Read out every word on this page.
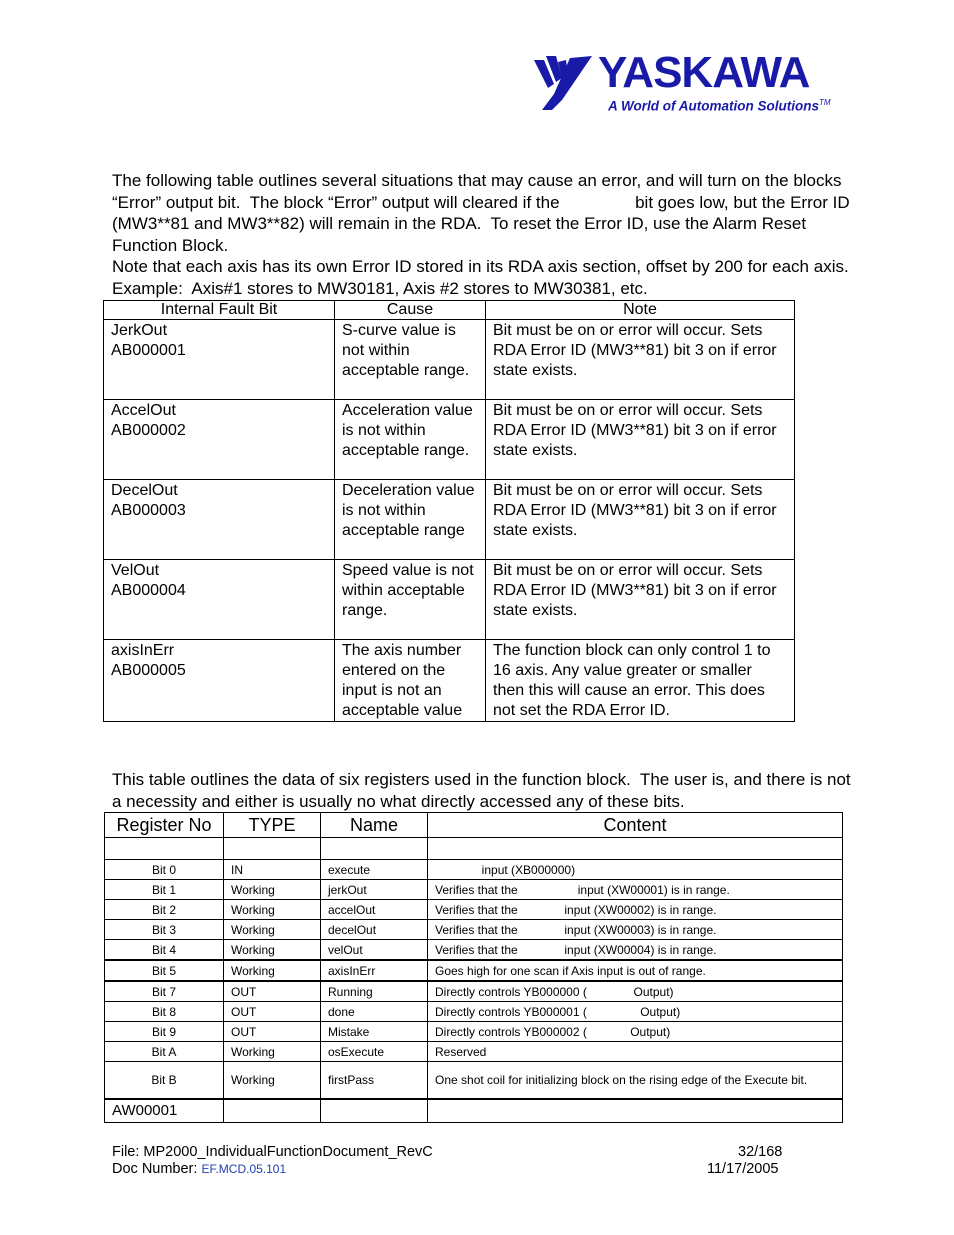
YASKAWA
A World of Automation Solutions™

The following table outlines several situations that may cause an error, and will turn on the blocks “Error” output bit.  The block “Error” output will cleared if the                bit goes low, but the Error ID (MW3**81 and MW3**82) will remain in the RDA.  To reset the Error ID, use the Alarm Reset Function Block.

Note that each axis has its own Error ID stored in its RDA axis section, offset by 200 for each axis.  Example:  Axis#1 stores to MW30181, Axis #2 stores to MW30381, etc.

Internal Fault Bit	Cause	Note

JerkOut
AB000001	S-curve value is not within acceptable range.	Bit must be on or error will occur. Sets RDA Error ID (MW3**81) bit 3 on if error state exists.

AccelOut
AB000002	Acceleration value is not within acceptable range.	Bit must be on or error will occur. Sets RDA Error ID (MW3**81) bit 3 on if error state exists.

DecelOut
AB000003	Deceleration value is not within acceptable range	Bit must be on or error will occur. Sets RDA Error ID (MW3**81) bit 3 on if error state exists.

VelOut
AB000004	Speed value is not within acceptable range.	Bit must be on or error will occur. Sets RDA Error ID (MW3**81) bit 3 on if error state exists.

axisInErr
AB000005	The axis number entered on the input is not an acceptable value	The function block can only control 1 to 16 axis. Any value greater or smaller then this will cause an error. This does not set the RDA Error ID.

This table outlines the data of six registers used in the function block.  The user is, and there is not a necessity and either is usually no what directly accessed any of these bits.

Register No	TYPE	Name	Content

Bit 0	IN	execute	input (XB000000)
Bit 1	Working	jerkOut	Verifies that the                  input (XW00001) is in range.
Bit 2	Working	accelOut	Verifies that the              input (XW00002) is in range.
Bit 3	Working	decelOut	Verifies that the              input (XW00003) is in range.
Bit 4	Working	velOut	Verifies that the              input (XW00004) is in range.
Bit 5	Working	axisInErr	Goes high for one scan if Axis input is out of range.
Bit 7	OUT	Running	Directly controls YB000000 (              Output)
Bit 8	OUT	done	Directly controls YB000001 (                Output)
Bit 9	OUT	Mistake	Directly controls YB000002 (             Output)
Bit A	Working	osExecute	Reserved
Bit B	Working	firstPass	One shot coil for initializing block on the rising edge of the Execute bit.
AW00001			
File: MP2000_IndividualFunctionDocument_RevC
Doc Number: EF.MCD.05.101
32/168
11/17/2005
